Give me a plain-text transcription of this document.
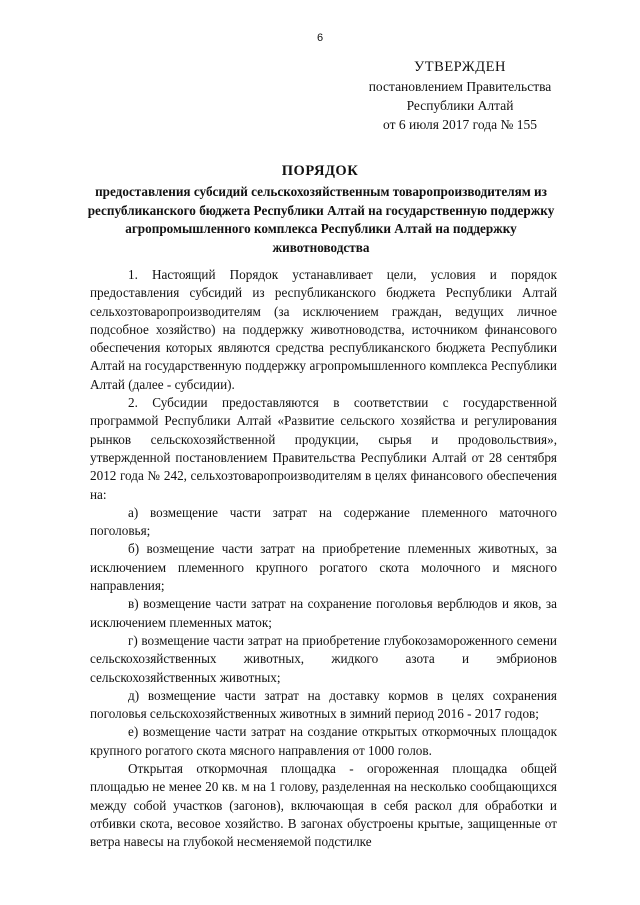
6
УТВЕРЖДЕН
постановлением Правительства
Республики Алтай
от 6 июля 2017 года № 155
ПОРЯДОК
предоставления субсидий сельскохозяйственным товаропроизводителям из республиканского бюджета Республики Алтай на государственную поддержку агропромышленного комплекса Республики Алтай на поддержку животноводства

1. Настоящий Порядок устанавливает цели, условия и порядок предоставления субсидий из республиканского бюджета Республики Алтай сельхозтоваропроизводителям (за исключением граждан, ведущих личное подсобное хозяйство) на поддержку животноводства, источником финансового обеспечения которых являются средства республиканского бюджета Республики Алтай на государственную поддержку агропромышленного комплекса Республики Алтай (далее - субсидии).

2. Субсидии предоставляются в соответствии с государственной программой Республики Алтай «Развитие сельского хозяйства и регулирования рынков сельскохозяйственной продукции, сырья и продовольствия», утвержденной постановлением Правительства Республики Алтай от 28 сентября 2012 года № 242, сельхозтоваропроизводителям в целях финансового обеспечения на:

а) возмещение части затрат на содержание племенного маточного поголовья;

б) возмещение части затрат на приобретение племенных животных, за исключением племенного крупного рогатого скота молочного и мясного направления;

в) возмещение части затрат на сохранение поголовья верблюдов и яков, за исключением племенных маток;

г) возмещение части затрат на приобретение глубокозамороженного семени сельскохозяйственных животных, жидкого азота и эмбрионов сельскохозяйственных животных;

д) возмещение части затрат на доставку кормов в целях сохранения поголовья сельскохозяйственных животных в зимний период 2016 - 2017 годов;

е) возмещение части затрат на создание открытых откормочных площадок крупного рогатого скота мясного направления от 1000 голов.

Открытая откормочная площадка - огороженная площадка общей площадью не менее 20 кв. м на 1 голову, разделенная на несколько сообщающихся между собой участков (загонов), включающая в себя раскол для обработки и отбивки скота, весовое хозяйство. В загонах обустроены крытые, защищенные от ветра навесы на глубокой несменяемой подстилке
